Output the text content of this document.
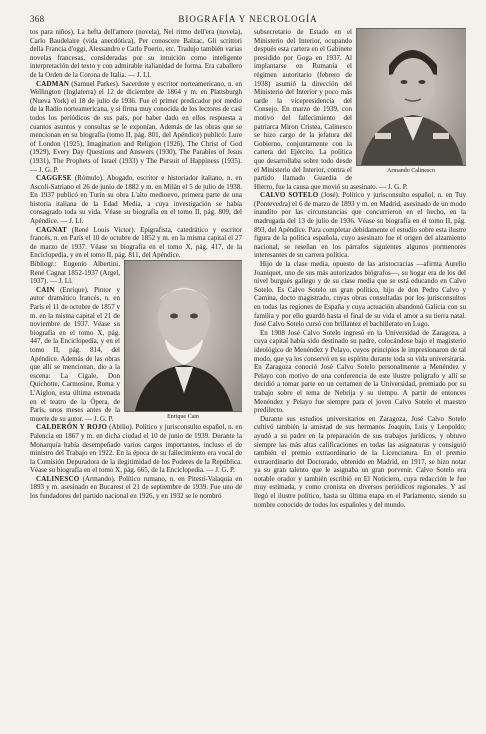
368	BIOGRAFÍA Y NECROLOGÍA

tos para niños), La hefta dell'amore (novela), Nel ritmo dell'era (novela), Carlo Baudelaire (vida anecdótica), Per conoscere Balzac, Gli scrittori della Francia d'oggi, Alessandro e Carlo Poerio, etc. Tradujo también varias novelas francesas, consideradas por su intuición como inteligente interpretación del texto y con admirable italianidad de forma. Era caballero de la Orden de la Corona de Italia. — J. Ll.

CADMAN (Samuel Parkes). Sacerdote y escritor norteamericano, n. en Wellington (Inglaterra) el 12 de diciembre de 1864 y m. en Plattsburgh (Nueva York) el 18 de julio de 1936. Fue el primer predicador por medio de la Radio norteamericana, y si firma muy conocida de los lectores de casi todos los periódicos de sus país, por haber dado en ellos respuesta a cuantos asuntos y consultas se le exponían. Además de las obras que se mencionan en su biografía (tomo II, pág. 801, del Apéndice) publicó: Lure of London (1925), Imagination and Religion (1926), The Christ of God (1929), Every Day Questions and Answers (1930), The Parables of Jesus (1931), The Prophets of Israel (1933) y The Pursuit of Happiness (1935). — J. G. P.

CAGGESE (Rómulo). Abogado, escritor e historiador italiano, n. en Ascoli-Satriano el 26 de junio de 1882 y m. en Milán el 5 de julio de 1938. En 1937 publicó en Turín su obra L'alto medioevo, primera parte de una historia italiana de la Edad Media, a cuya investigación se había consagrado toda su vida. Véase su biografía en el tomo II, pág. 809, del Apéndice. — J. Ll.

CAGNAT (René Louis Victor). Epigrafista, catedrático y escritor francés, n. en París el 10 de octubre de 1852 y m. en la misma capital el 27 de marzo de 1937. Véase su biografía en el tomo X, pág. 417, de la Enciclopedia, y en el tomo II, pág. 811, del Apéndice.

Enrique Cain

Bibliogr.: Eugenio Albertini, René Cagnat 1852-1937 (Argel, 1937). — J. Ll.

CAIN (Enrique). Pintor y autor dramático francés, n. en París el 11 de octubre de 1857 y m. en la misma capital el 21 de noviembre de 1937. Véase su biografía en el tomo X, pág. 447, de la Enciclopedia, y en el tomo II, pág. 814, del Apéndice. Además de las obras que allí se mencionan, dio a la escena: La Cigale, Don Quichotte, Carmosine, Roma y L'Aiglon, esta última estrenada en el teatro de la Ópera, de París, unos meses antes de la muerte de su autor. — J. G. P.

CALDERÓN Y ROJO (Abilio). Político y jurisconsulto español, n. en Palencia en 1867 y m. en dicha ciudad el 10 de junio de 1939. Durante la Monarquía había desempeñado varios cargos importantes, incluso el de ministro del Trabajo en 1922. En la época de su fallecimiento era vocal de la Comisión Depuradora de la ilegitimidad de los Poderes de la República. Véase su biografía en el tomo X, pág. 665, de la Enciclopedia. — J. G. P.

CALINESCO (Armando). Político rumano, n. en Pitesti-Valaquia en 1893 y m. asesinado en Bucarest el 21 de septiembre de 1939. Fue uno de los fundadores del partido nacional en 1926, y en 1932 se le nombró

Armando Calinesco

subsecretario de Estado en el Ministerio del Interior, ocupando después esta cartera en el Gabinete presidido por Goga en 1937. Al implantarse en Rumania el régimen autoritario (febrero de 1938) asumió la dirección del Ministerio del Interior y poco más tarde la vicepresidencia del Consejo. En marzo de 1939, con motivo del fallecimiento del patriarca Miron Cristea, Calinesco se hizo cargo de la jefatura del Gobierno, conjuntamente con la cartera del Ejército. La política que desarrollaba sobre todo desde el Ministerio del Interior, contra el partido llamado Guardia de Hierro, fue la causa que movió su asesinato. — J. G. P.

CALVO SOTELO (José). Político y jurisconsulto español, n. en Tuy (Pontevedra) el 6 de marzo de 1893 y m. en Madrid, asesinado de un modo inaudito por las circunstancias que concurrieron en el hecho, en la madrugada del 13 de julio de 1936. Véase su biografía en el tomo II, pág. 893, del Apéndice. Para completar debidamente el estudio sobre esta ilustre figura de la política española, cuyo asesinato fue el origen del alzamiento nacional, se reseñan en los párrafos siguientes algunos pormenores interesantes de su carrera política.

Hijo de la clase media, opuesto de las aristocracias —afirma Aurelio Joaniquet, uno de sus más autorizados biógrafos—, su hogar era de los del nivel burgués gallego y de su clase media que se está educando en Calvo Sotelo. Es Calvo Sotelo un gran político, hijo de don Pedro Calvo y Camina, docto magistrado, cuyas obras consultadas por los jurisconsultos en todas las regiones de España y cuya actuación abandonó Galicia con su familia y por ello guardó hasta el final de su vida el amor a su tierra natal. José Calvo Sotelo cursó con brillantez el bachillerato en Lugo.

En 1908 José Calvo Sotelo ingresó en la Universidad de Zaragoza, a cuya capital había sido destinado su padre, colocándose bajo el magisterio ideológico de Menéndez y Pelayo, cuyos principios le impresionaron de tal modo, que ya los conservó en su espíritu durante toda su vida universitaria. En Zaragoza conoció José Calvo Sotelo personalmente a Menéndez y Pelayo con motivo de una conferencia de este ilustre polígrafo y allí se decidió a tomar parte en un certamen de la Universidad, premiado por su trabajo sobre el tema de Nebrija y su tiempo. A partir de entonces Menéndez y Pelayo fue siempre para el joven Calvo Sotelo el maestro predilecto.

Durante sus estudios universitarios en Zaragoza, José Calvo Sotelo cultivó también la amistad de sus hermanos Joaquín, Luis y Leopoldo; ayudó a su padre en la preparación de sus trabajos jurídicos, y obtuvo siempre las más altas calificaciones en todas las asignaturas y consiguió también el premio extraordinario de la Licenciatura. En el premio extraordinario del Doctorado, obtenido en Madrid, en 1917, se hizo notar ya su gran talento que le asignaba un gran porvenir. Calvo Sotelo era notable orador y también escribió en El Noticiero, cuya redacción le fue muy estimada, y como cronista en diversos periódicos regionales. Y así llegó el ilustre político, hasta su última etapa en el Parlamento, siendo su nombre conocido de todos los españoles y del mundo.
